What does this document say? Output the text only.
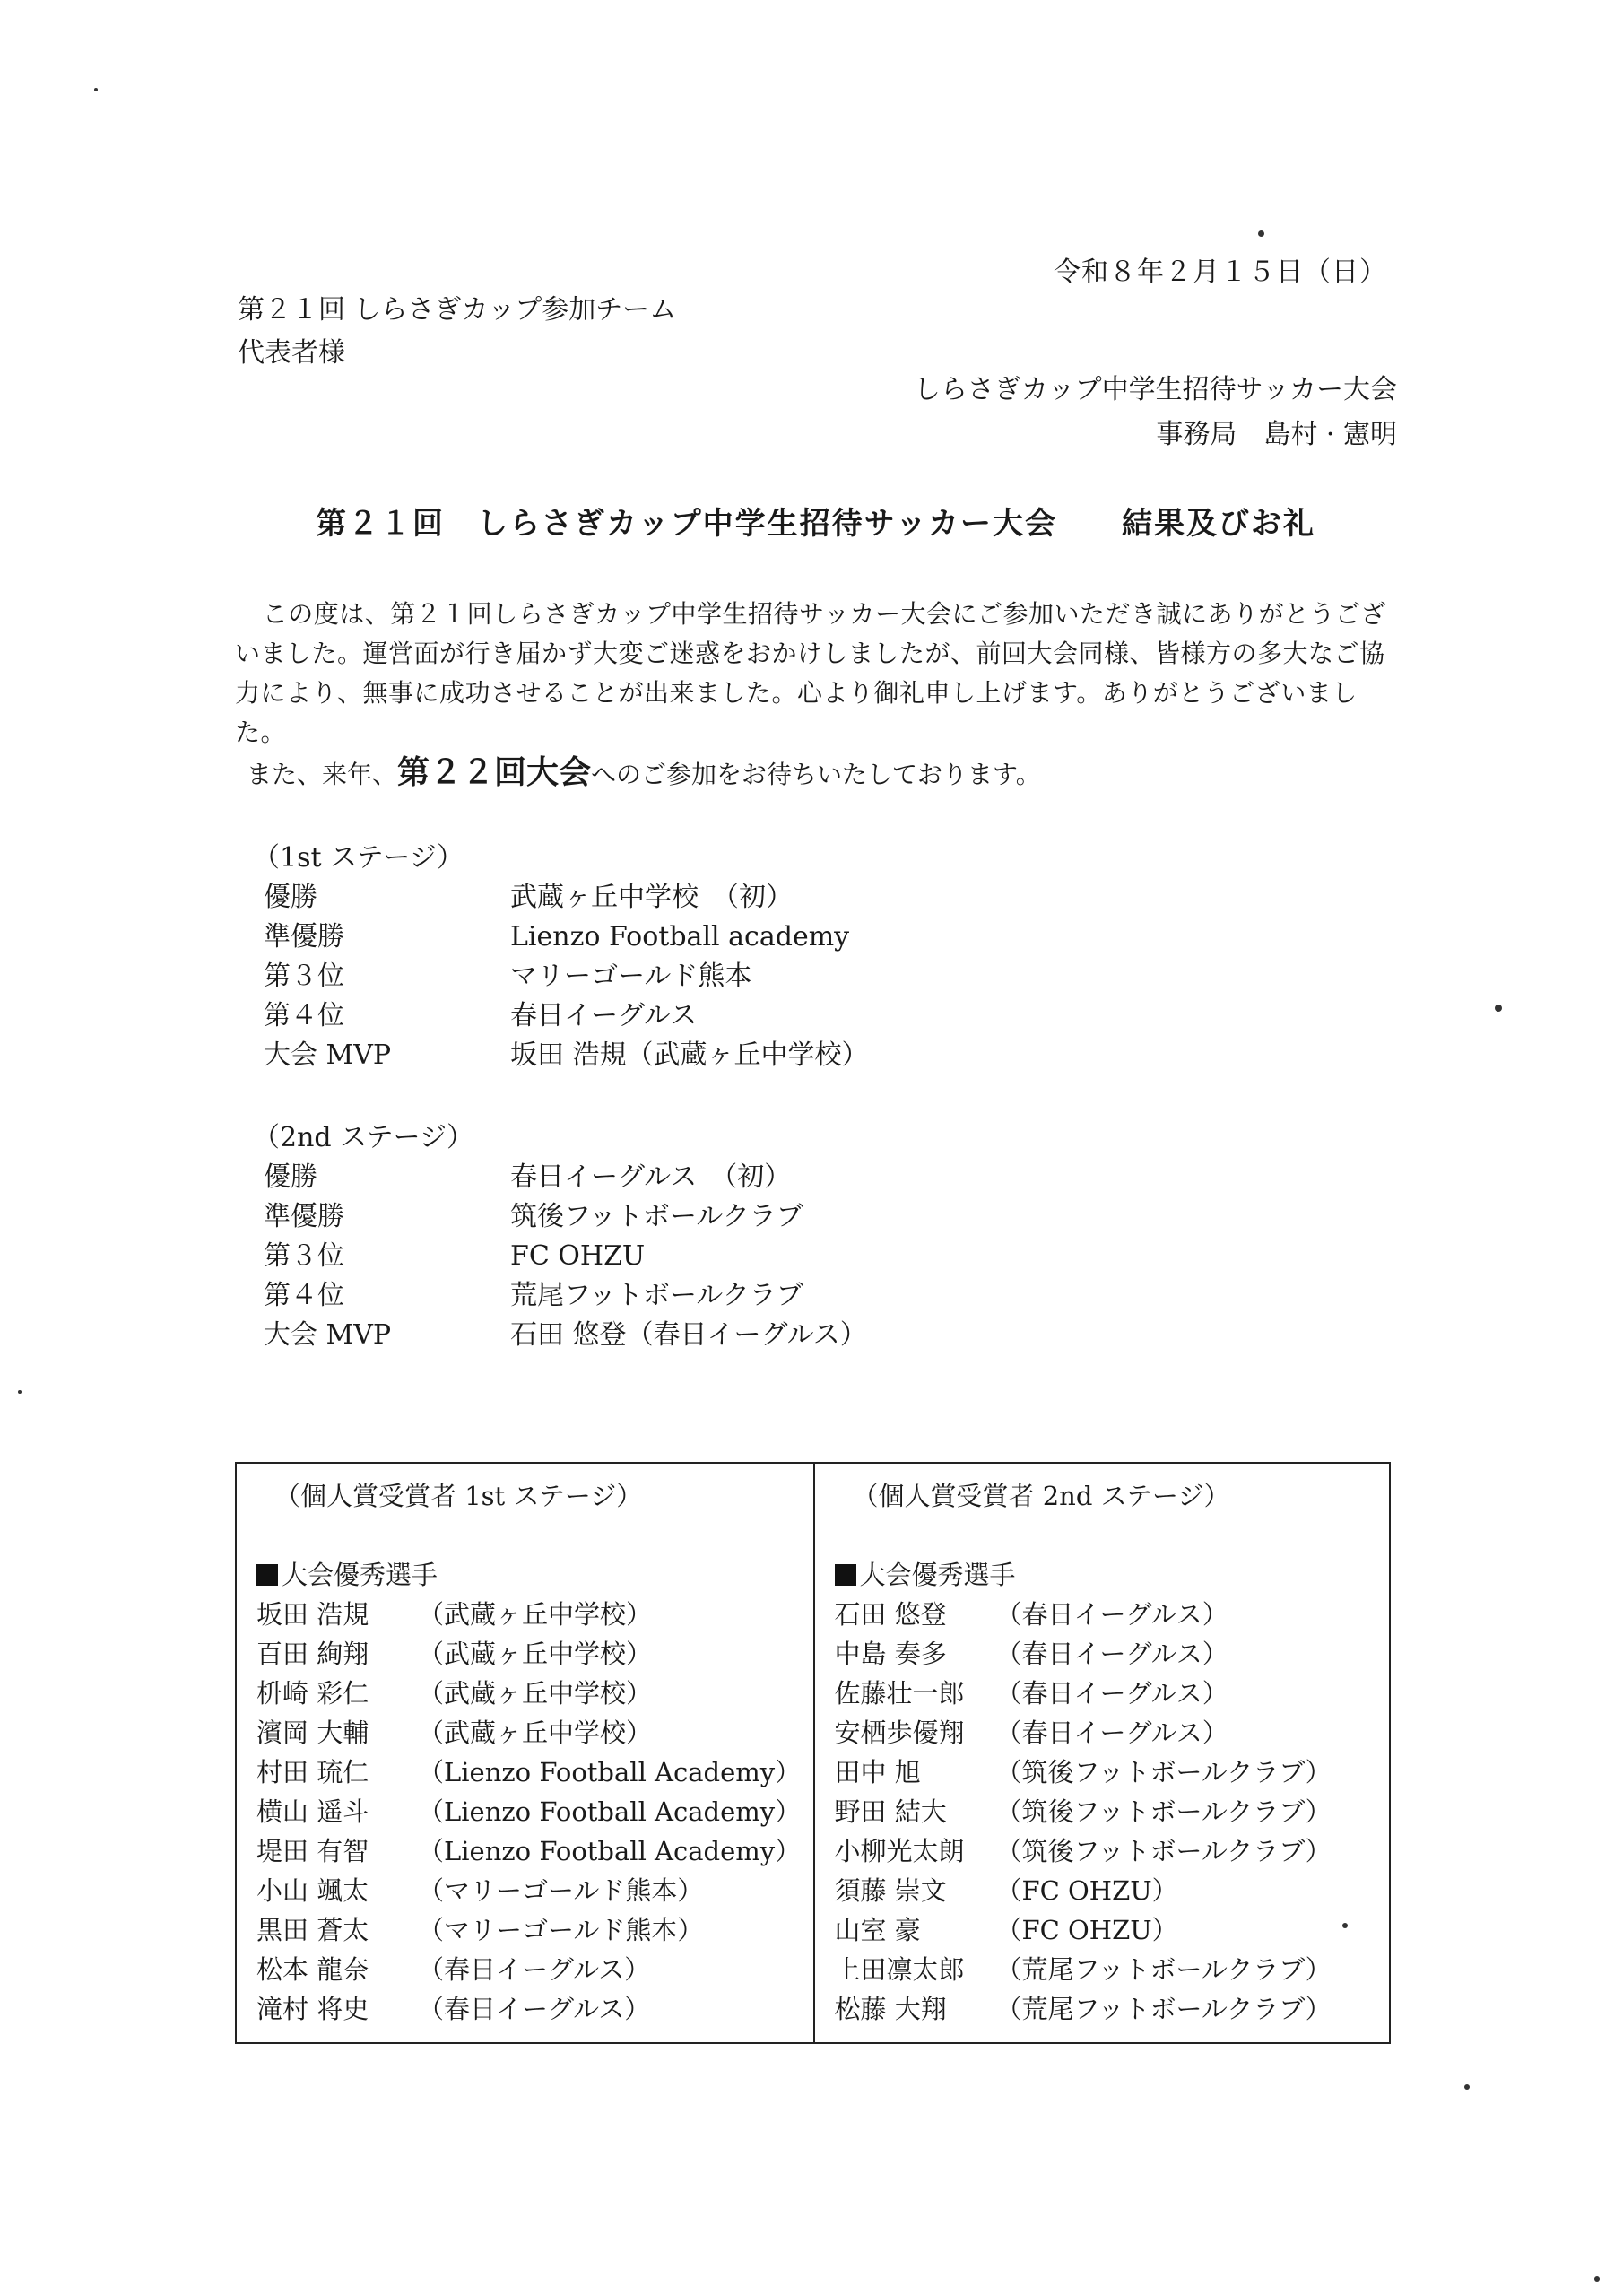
令和８年２月１５日（日）
第２１回 しらさぎカップ参加チーム
代表者様
しらさぎカップ中学生招待サッカー大会
事務局　島村 · 憲明
第２１回　しらさぎカップ中学生招待サッカー大会　　結果及びお礼
この度は、第２１回しらさぎカップ中学生招待サッカー大会にご参加いただき誠にありがとうございました。運営面が行き届かず大変ご迷惑をおかけしましたが、前回大会同様、皆様方の多大なご協力により、無事に成功させることが出来ました。心より御礼申し上げます。ありがとうございました。
また、来年、第２２回大会へのご参加をお待ちいたしております。
（1st ステージ）
優勝	武蔵ヶ丘中学校　（初）
準優勝	Lienzo Football academy
第３位	マリーゴールド熊本
第４位	春日イーグルス
大会 MVP	坂田 浩規（武蔵ヶ丘中学校）
（2nd ステージ）
優勝	春日イーグルス　（初）
準優勝	筑後フットボールクラブ
第３位	FC OHZU
第４位	荒尾フットボールクラブ
大会 MVP	石田 悠登（春日イーグルス）
（個人賞受賞者 1st ステージ）
大会優秀選手
坂田 浩規	（武蔵ヶ丘中学校）
百田 絢翔	（武蔵ヶ丘中学校）
枡崎 彩仁	（武蔵ヶ丘中学校）
濱岡 大輔	（武蔵ヶ丘中学校）
村田 琉仁	（Lienzo Football Academy）
横山 遥斗	（Lienzo Football Academy）
堤田 有智	（Lienzo Football Academy）
小山 颯太	（マリーゴールド熊本）
黒田 蒼太	（マリーゴールド熊本）
松本 龍奈	（春日イーグルス）
滝村 将史	（春日イーグルス）
（個人賞受賞者 2nd ステージ）
大会優秀選手
石田 悠登	（春日イーグルス）
中島 奏多	（春日イーグルス）
佐藤壮一郎	（春日イーグルス）
安栖歩優翔	（春日イーグルス）
田中 旭	（筑後フットボールクラブ）
野田 結大	（筑後フットボールクラブ）
小柳光太朗	（筑後フットボールクラブ）
須藤 崇文	（FC OHZU）
山室 豪	（FC OHZU）
上田凛太郎	（荒尾フットボールクラブ）
松藤 大翔	（荒尾フットボールクラブ）
